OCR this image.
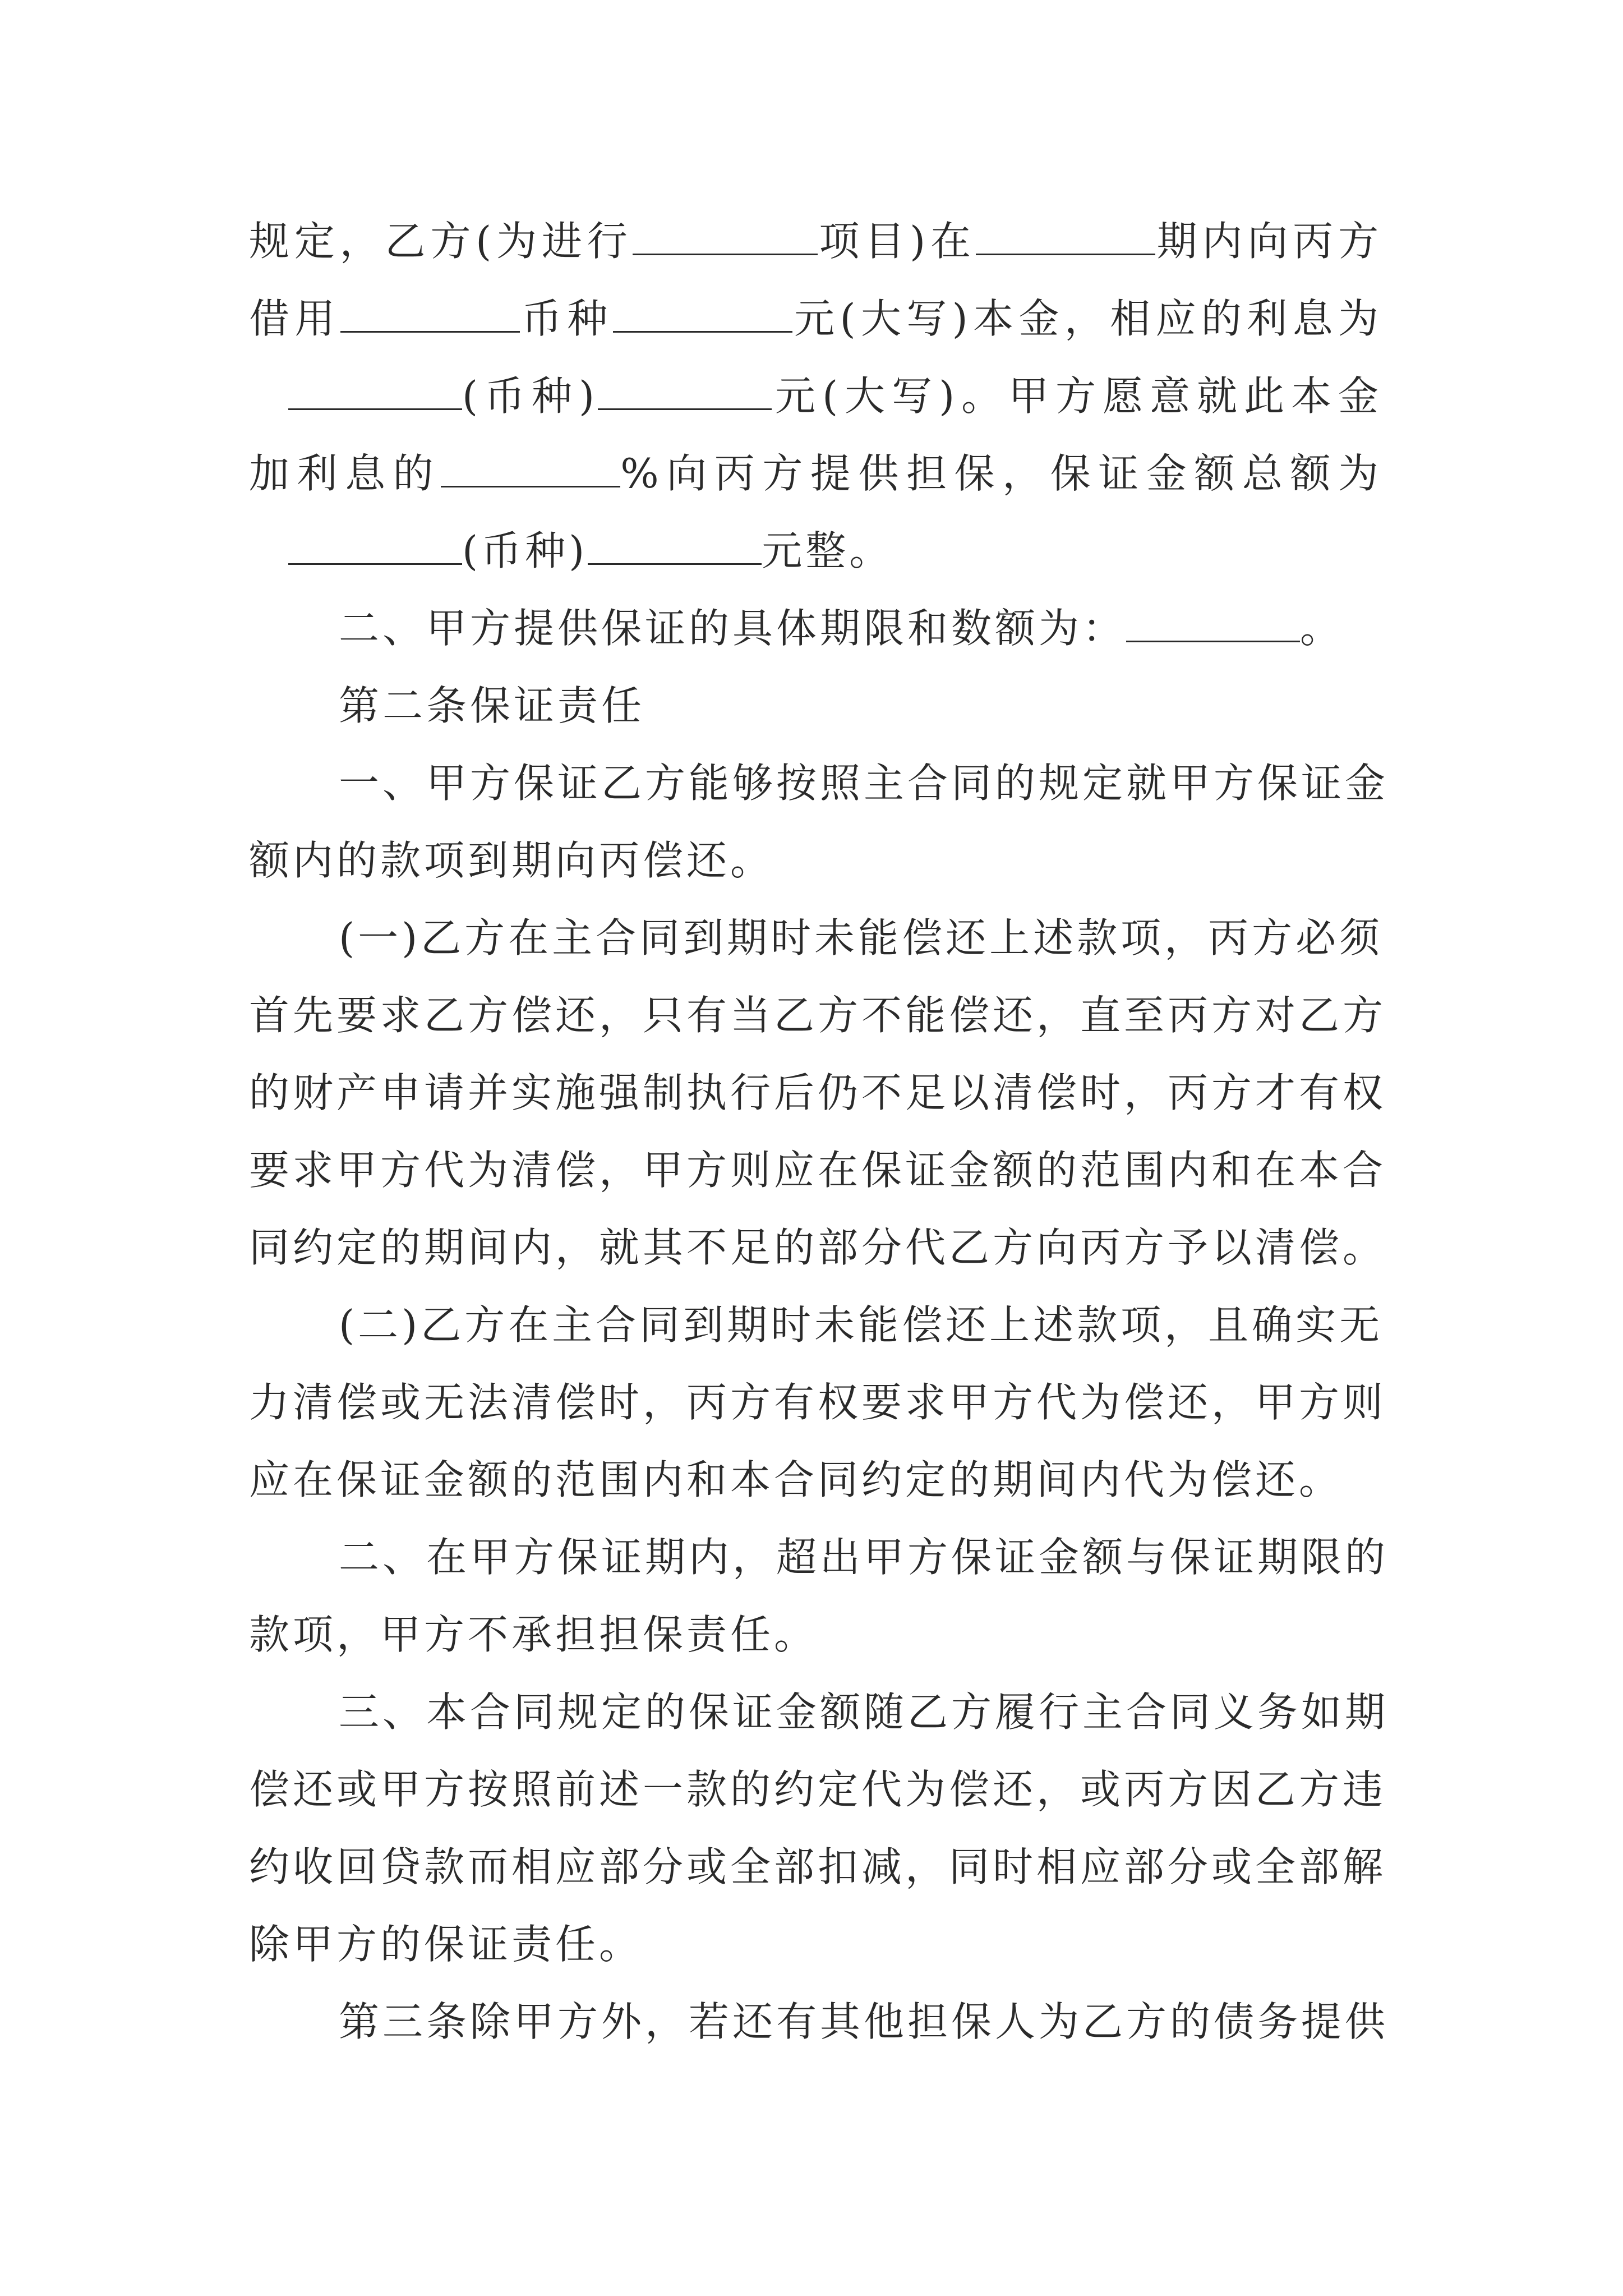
规定，乙方(为进行	项目)在	期内向丙方
借用	币种	元(大写)本金，相应的利息为
(币种)	元(大写)。甲方愿意就此本金
加利息的	%向丙方提供担保，保证金额总额为
(币种)	元整。
二、甲方提供保证的具体期限和数额为：	。
第二条保证责任
一、甲方保证乙方能够按照主合同的规定就甲方保证金
额内的款项到期向丙偿还。
(一)乙方在主合同到期时未能偿还上述款项，丙方必须
首先要求乙方偿还，只有当乙方不能偿还，直至丙方对乙方
的财产申请并实施强制执行后仍不足以清偿时，丙方才有权
要求甲方代为清偿，甲方则应在保证金额的范围内和在本合
同约定的期间内，就其不足的部分代乙方向丙方予以清偿。
(二)乙方在主合同到期时未能偿还上述款项，且确实无
力清偿或无法清偿时，丙方有权要求甲方代为偿还，甲方则
应在保证金额的范围内和本合同约定的期间内代为偿还。
二、在甲方保证期内，超出甲方保证金额与保证期限的
款项，甲方不承担担保责任。
三、本合同规定的保证金额随乙方履行主合同义务如期
偿还或甲方按照前述一款的约定代为偿还，或丙方因乙方违
约收回贷款而相应部分或全部扣减，同时相应部分或全部解
除甲方的保证责任。
第三条除甲方外，若还有其他担保人为乙方的债务提供
